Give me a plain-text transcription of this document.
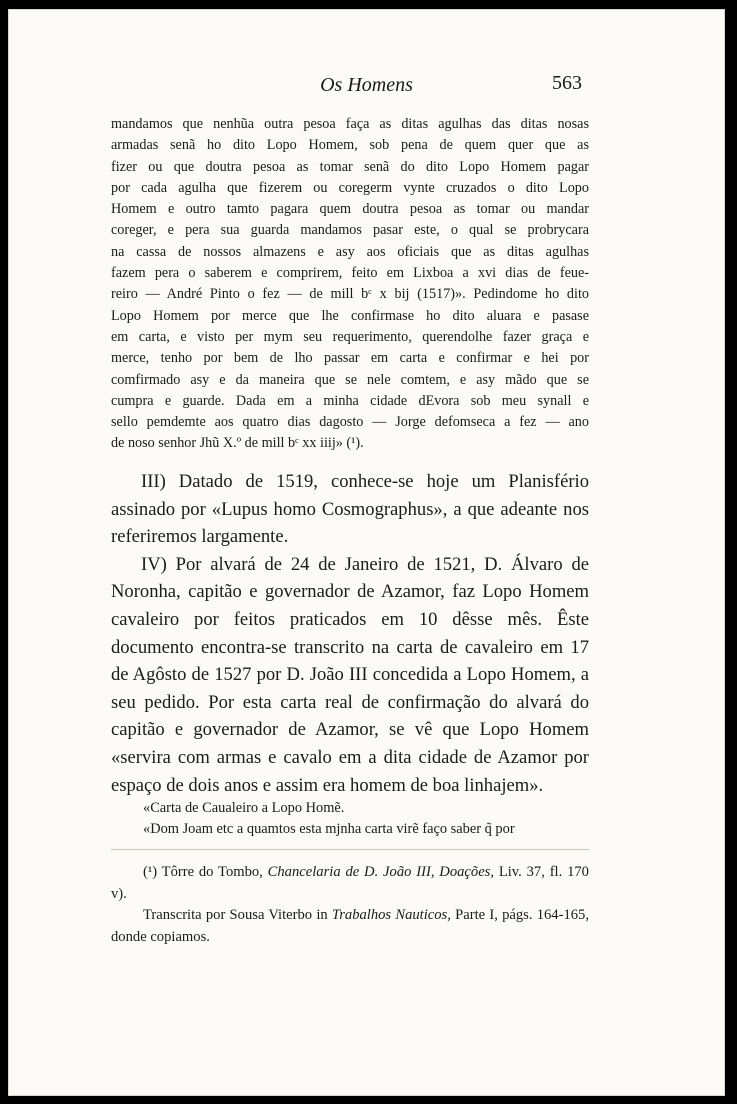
Os Homens	563
mandamos que nenhũa outra pesoa faça as ditas agulhas das ditas nosas
armadas senã ho dito Lopo Homem, sob pena de quem quer que as
fizer ou que doutra pesoa as tomar senã do dito Lopo Homem pagar
por cada agulha que fizerem ou coregerm vynte cruzados o dito Lopo
Homem e outro tamto pagara quem doutra pesoa as tomar ou mandar
coreger, e pera sua guarda mandamos pasar este, o qual se probrycara
na cassa de nossos almazens e asy aos oficiais que as ditas agulhas
fazem pera o saberem e comprirem, feito em Lixboa a xvi dias de feue-
reiro — André Pinto o fez — de mill bᶜ x bij (1517)». Pedindome ho dito
Lopo Homem por merce que lhe confirmase ho dito aluara e pasase
em carta, e visto per mym seu requerimento, querendolhe fazer graça e
merce, tenho por bem de lho passar em carta e confirmar e hei por
comfirmado asy e da maneira que se nele comtem, e asy mãdo que se
cumpra e guarde. Dada em a minha cidade dEvora sob meu synall e
sello pemdemte aos quatro dias dagosto — Jorge defomseca a fez — ano
de noso senhor Jhũ X.º de mill bᶜ xx iiij» (¹).

III) Datado de 1519, conhece-se hoje um Planisfério assinado por «Lupus homo Cosmographus», a que adeante nos referiremos largamente.

IV) Por alvará de 24 de Janeiro de 1521, D. Álvaro de Noronha, capitão e governador de Azamor, faz Lopo Homem cavaleiro por feitos praticados em 10 dêsse mês. Êste documento encontra-se transcrito na carta de cavaleiro em 17 de Agôsto de 1527 por D. João III concedida a Lopo Homem, a seu pedido. Por esta carta real de confirmação do alvará do capitão e governador de Azamor, se vê que Lopo Homem «servira com armas e cavalo em a dita cidade de Azamor por espaço de dois anos e assim era homem de boa linhajem».

«Carta de Caualeiro a Lopo Homẽ.

«Dom Joam etc a quamtos esta mjnha carta virẽ faço saber q̃ por

(¹) Tôrre do Tombo, Chancelaria de D. João III, Doações, Liv. 37, fl. 170 v).

Transcrita por Sousa Viterbo in Trabalhos Nauticos, Parte I, págs. 164-165, donde copiamos.
